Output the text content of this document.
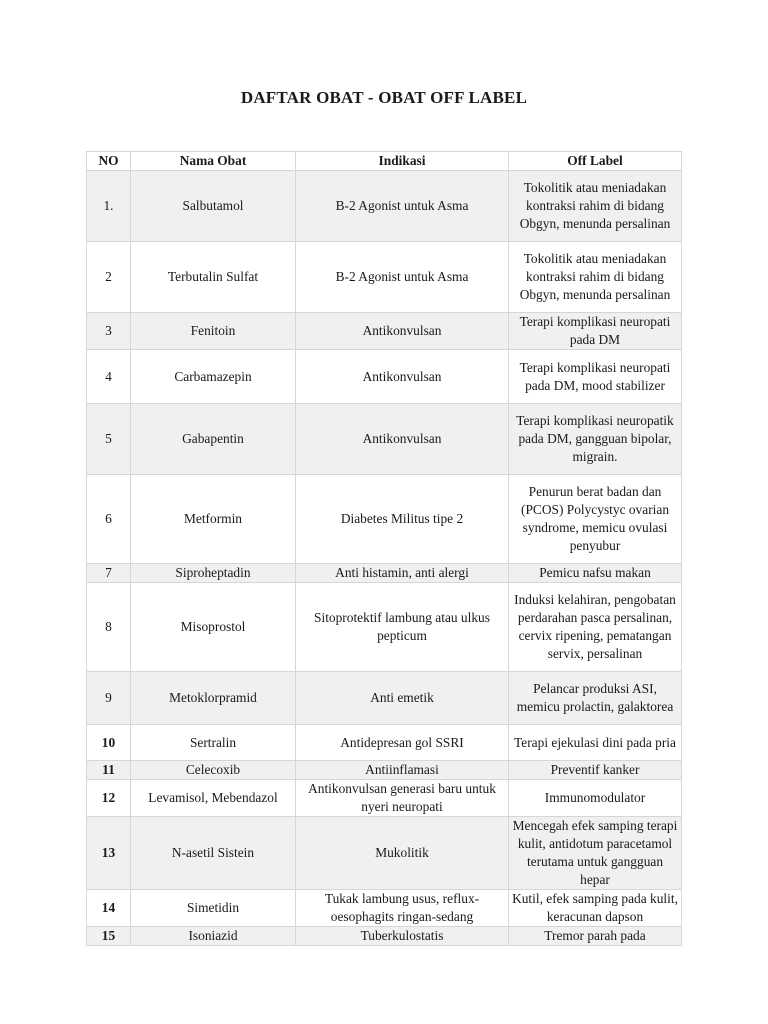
DAFTAR OBAT - OBAT OFF LABEL
NO	Nama Obat	Indikasi	Off Label
1.	Salbutamol	B-2 Agonist untuk Asma	Tokolitik atau meniadakan kontraksi rahim di bidang Obgyn, menunda persalinan
2	Terbutalin Sulfat	B-2 Agonist untuk Asma	Tokolitik atau meniadakan kontraksi rahim di bidang Obgyn, menunda persalinan
3	Fenitoin	Antikonvulsan	Terapi komplikasi neuropati pada DM
4	Carbamazepin	Antikonvulsan	Terapi komplikasi neuropati pada DM, mood stabilizer
5	Gabapentin	Antikonvulsan	Terapi komplikasi neuropatik pada DM, gangguan bipolar, migrain.
6	Metformin	Diabetes Militus tipe 2	Penurun berat badan dan (PCOS) Polycystyc ovarian syndrome, memicu ovulasi penyubur
7	Siproheptadin	Anti histamin, anti alergi	Pemicu nafsu makan
8	Misoprostol	Sitoprotektif lambung atau ulkus pepticum	Induksi kelahiran, pengobatan perdarahan pasca persalinan, cervix ripening, pematangan servix, persalinan
9	Metoklorpramid	Anti emetik	Pelancar produksi ASI, memicu prolactin, galaktorea
10	Sertralin	Antidepresan gol SSRI	Terapi ejekulasi dini pada pria
11	Celecoxib	Antiinflamasi	Preventif kanker
12	Levamisol, Mebendazol	Antikonvulsan generasi baru untuk nyeri neuropati	Immunomodulator
13	N-asetil Sistein	Mukolitik	Mencegah efek samping terapi kulit, antidotum paracetamol terutama untuk gangguan hepar
14	Simetidin	Tukak lambung usus, reflux-oesophagits ringan-sedang	Kutil, efek samping pada kulit, keracunan dapson
15	Isoniazid	Tuberkulostatis	Tremor parah pada
